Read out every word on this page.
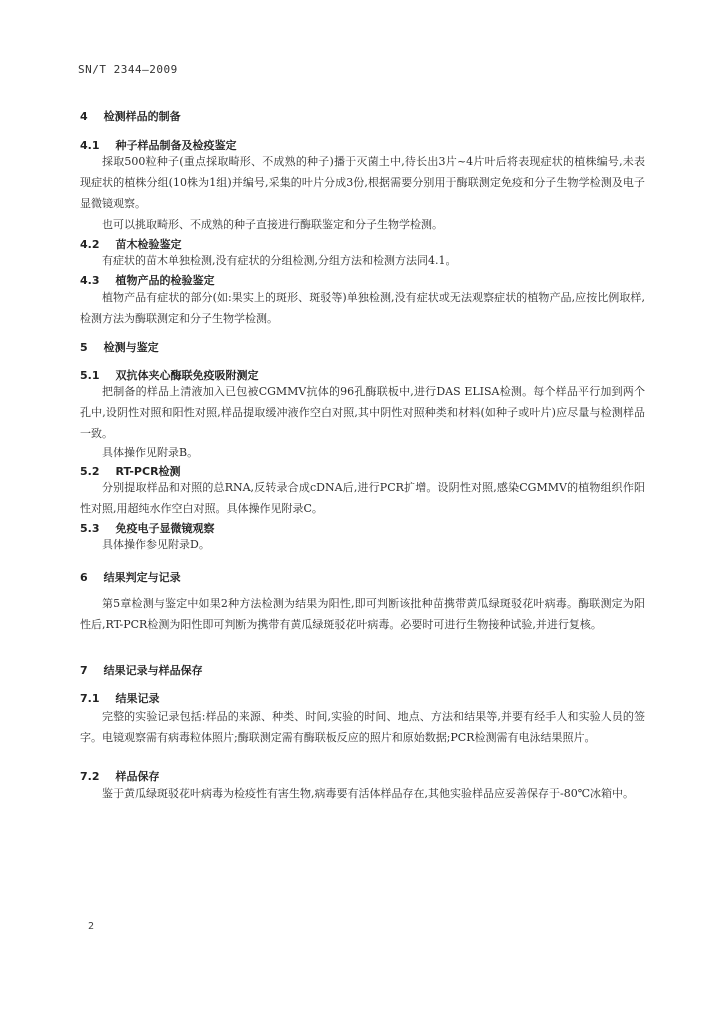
SN/T 2344—2009
4 检测样品的制备
4.1 种子样品制备及检疫鉴定
採取500粒种子(重点採取畸形、不成熟的种子)播于灭菌土中,待长出3片~4片叶后将表现症状的植株编号,未表现症状的植株分组(10株为1组)并编号,采集的叶片分成3份,根据需要分别用于酶联测定免疫和分子生物学检测及电子显微镜观察。
也可以挑取畸形、不成熟的种子直接进行酶联鉴定和分子生物学检测。
4.2 苗木检验鉴定
有症状的苗木单独检测,没有症状的分组检测,分组方法和检测方法同4.1。
4.3 植物产品的检验鉴定
植物产品有症状的部分(如:果实上的斑形、斑驳等)单独检测,没有症状或无法观察症状的植物产品,应按比例取样,检测方法为酶联测定和分子生物学检测。
5 检测与鉴定
5.1 双抗体夹心酶联免疫吸附测定
把制备的样品上清液加入已包被CGMMV抗体的96孔酶联板中,进行DAS ELISA检测。每个样品平行加到两个孔中,设阴性对照和阳性对照,样品提取缓冲液作空白对照,其中阴性对照种类和材料(如种子或叶片)应尽量与检测样品一致。
具体操作见附录B。
5.2 RT-PCR检测
分别提取样品和对照的总RNA,反转录合成cDNA后,进行PCR扩增。设阴性对照,感染CGMMV的植物组织作阳性对照,用超纯水作空白对照。具体操作见附录C。
5.3 免疫电子显微镜观察
具体操作参见附录D。
6 结果判定与记录
第5章检测与鉴定中如果2种方法检测为结果为阳性,即可判断该批种苗携带黄瓜绿斑驳花叶病毒。酶联测定为阳性后,RT-PCR检测为阳性即可判断为携带有黄瓜绿斑驳花叶病毒。必要时可进行生物接种试验,并进行复核。
7 结果记录与样品保存
7.1 结果记录
完整的实验记录包括:样品的来源、种类、时间,实验的时间、地点、方法和结果等,并要有经手人和实验人员的签字。电镜观察需有病毒粒体照片;酶联测定需有酶联板反应的照片和原始数据;PCR检测需有电泳结果照片。
7.2 样品保存
鉴于黄瓜绿斑驳花叶病毒为检疫性有害生物,病毒要有活体样品存在,其他实验样品应妥善保存于-80℃冰箱中。
2
